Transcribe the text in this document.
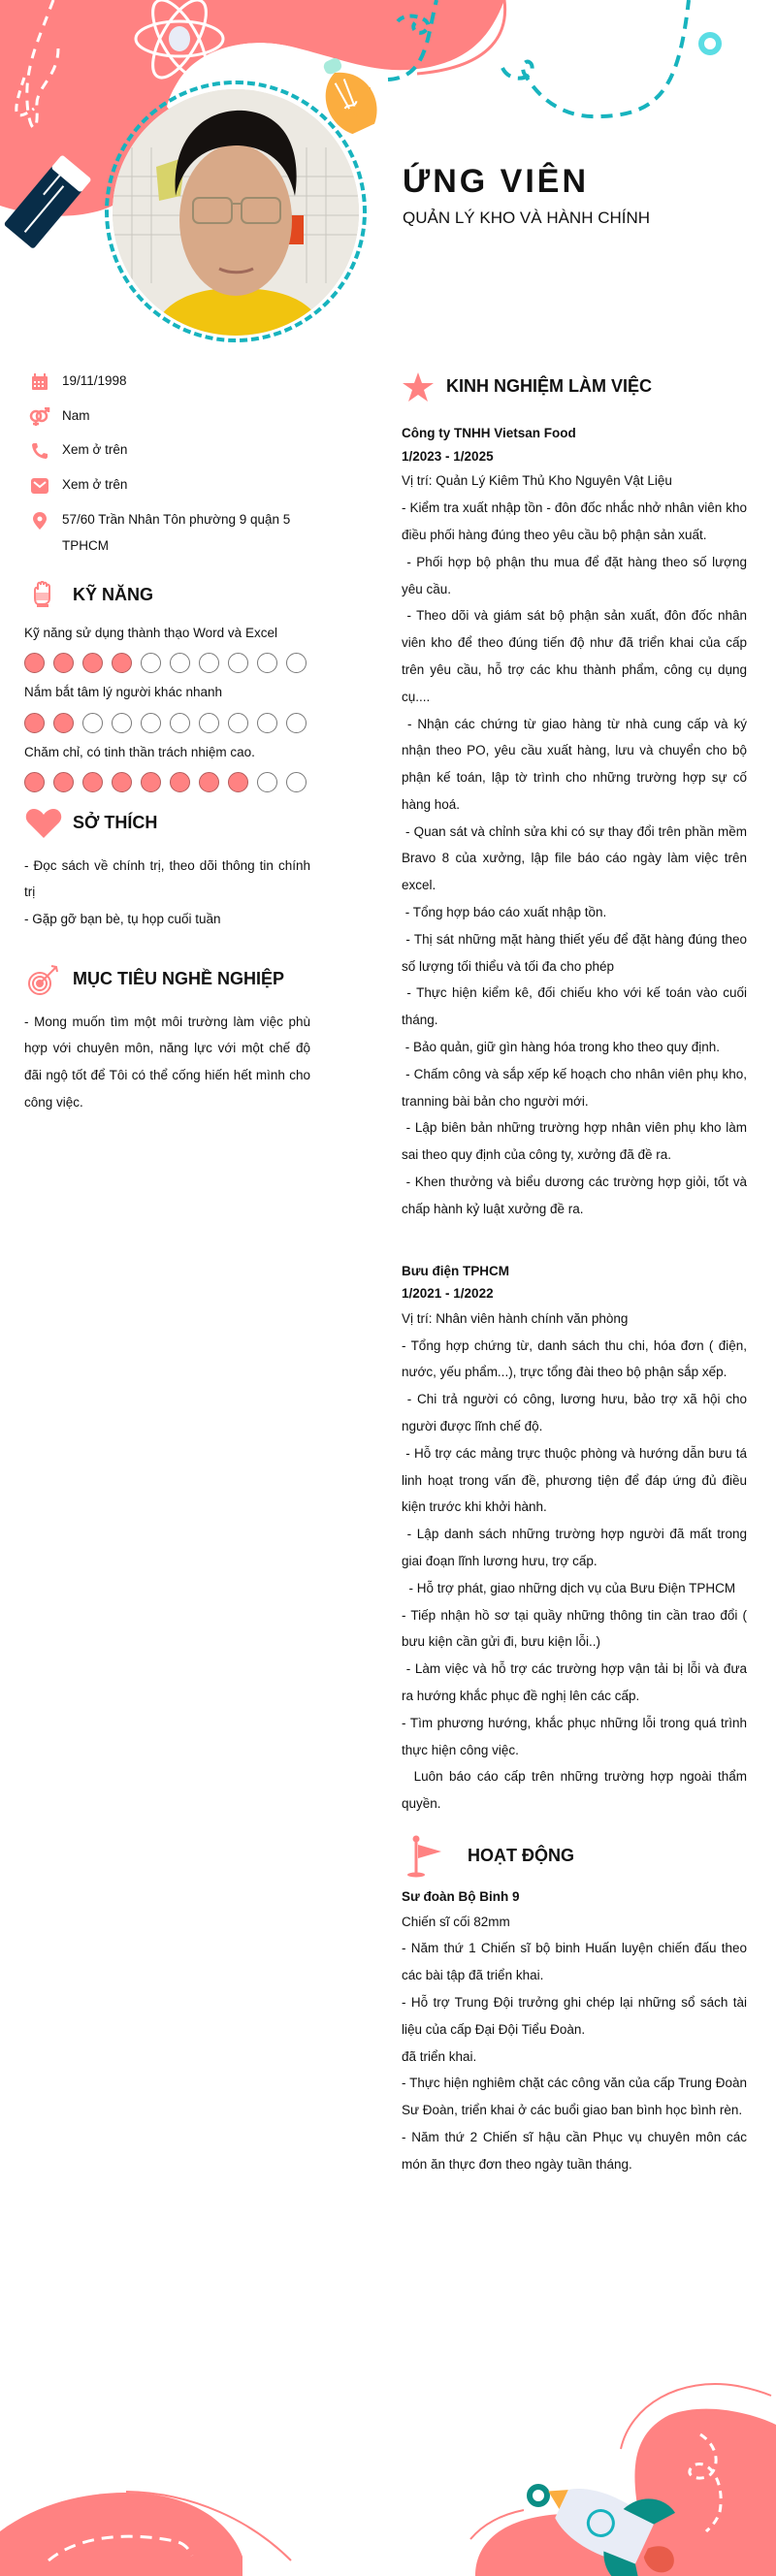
ỨNG VIÊN
QUẢN LÝ KHO VÀ HÀNH CHÍNH
19/11/1998
Nam
Xem ở trên
Xem ở trên
57/60 Trần Nhân Tôn phường 9 quận 5 TPHCM
KỸ NĂNG
Kỹ năng sử dụng thành thạo Word và Excel
Nắm bắt tâm lý người khác nhanh
Chăm chỉ, có tinh thần trách nhiệm cao.
SỞ THÍCH
- Đọc sách về chính trị, theo dõi thông tin chính trị
- Gặp gỡ bạn bè, tụ họp cuối tuần
MỤC TIÊU NGHỀ NGHIỆP
- Mong muốn tìm một môi trường làm việc phù hợp với chuyên môn, năng lực với một chế độ đãi ngộ tốt để Tôi có thể cống hiến hết mình cho công việc.
KINH NGHIỆM LÀM VIỆC
Công ty TNHH Vietsan Food
1/2023 - 1/2025
Vị trí: Quản Lý Kiêm Thủ Kho Nguyên Vật Liệu
- Kiểm tra xuất nhập tồn - đôn đốc nhắc nhở nhân viên kho điều phối hàng đúng theo yêu cầu bộ phận sản xuất.
- Phối hợp bộ phận thu mua để đặt hàng theo số lượng yêu cầu.
- Theo dõi và giám sát bộ phận sản xuất, đôn đốc nhân viên kho để theo đúng tiến độ như đã triển khai của cấp trên yêu cầu, hỗ trợ các khu thành phẩm, công cụ dụng cụ....
- Nhận các chứng từ giao hàng từ nhà cung cấp và ký nhận theo PO, yêu cầu xuất hàng, lưu và chuyển cho bộ phận kế toán, lập tờ trình cho những trường hợp sự cố hàng hoá.
- Quan sát và chỉnh sửa khi có sự thay đổi trên phần mềm Bravo 8 của xưởng, lập file báo cáo ngày làm việc trên excel.
- Tổng hợp báo cáo xuất nhập tồn.
- Thị sát những mặt hàng thiết yếu để đặt hàng đúng theo số lượng tối thiểu và tối đa cho phép
- Thực hiện kiểm kê, đối chiếu kho với kế toán vào cuối tháng.
- Bảo quản, giữ gìn hàng hóa trong kho theo quy định.
- Chấm công và sắp xếp kế hoạch cho nhân viên phụ kho, tranning bài bản cho người mới.
- Lập biên bản những trường hợp nhân viên phụ kho làm sai theo quy định của công ty, xưởng đã đề ra.
- Khen thưởng và biểu dương các trường hợp giỏi, tốt và chấp hành kỷ luật xưởng đề ra.
Bưu điện TPHCM
1/2021 - 1/2022
Vị trí: Nhân viên hành chính văn phòng
- Tổng hợp chứng từ, danh sách thu chi, hóa đơn ( điện, nước, yếu phẩm...), trực tổng đài theo bộ phận sắp xếp.
- Chi trả người có công, lương hưu, bảo trợ xã hội cho người được lĩnh chế độ.
- Hỗ trợ các mảng trực thuộc phòng và hướng dẫn bưu tá linh hoạt trong vấn đề, phương tiện để đáp ứng đủ điều kiện trước khi khởi hành.
- Lập danh sách những trường hợp người đã mất trong giai đoạn lĩnh lương hưu, trợ cấp.
- Hỗ trợ phát, giao những dịch vụ của Bưu Điện TPHCM
- Tiếp nhận hồ sơ tại quầy những thông tin cần trao đổi ( bưu kiện cần gửi đi, bưu kiện lỗi..)
- Làm việc và hỗ trợ các trường hợp vận tải bị lỗi và đưa ra hướng khắc phục đề nghị lên các cấp.
- Tìm phương hướng, khắc phục những lỗi trong quá trình thực hiện công việc.
Luôn báo cáo cấp trên những trường hợp ngoài thẩm quyền.
HOẠT ĐỘNG
Sư đoàn Bộ Binh 9
Chiến sĩ cối 82mm
- Năm thứ 1 Chiến sĩ bộ binh Huấn luyện chiến đấu theo các bài tập đã triển khai.
- Hỗ trợ Trung Đội trưởng ghi chép lại những sổ sách tài liệu của cấp Đại Đội Tiểu Đoàn.
đã triển khai.
- Thực hiện nghiêm chặt các công văn của cấp Trung Đoàn Sư Đoàn, triển khai ở các buổi giao ban bình học bình rèn.
- Năm thứ 2 Chiến sĩ hậu cần Phục vụ chuyên môn các món ăn thực đơn theo ngày tuần tháng.
